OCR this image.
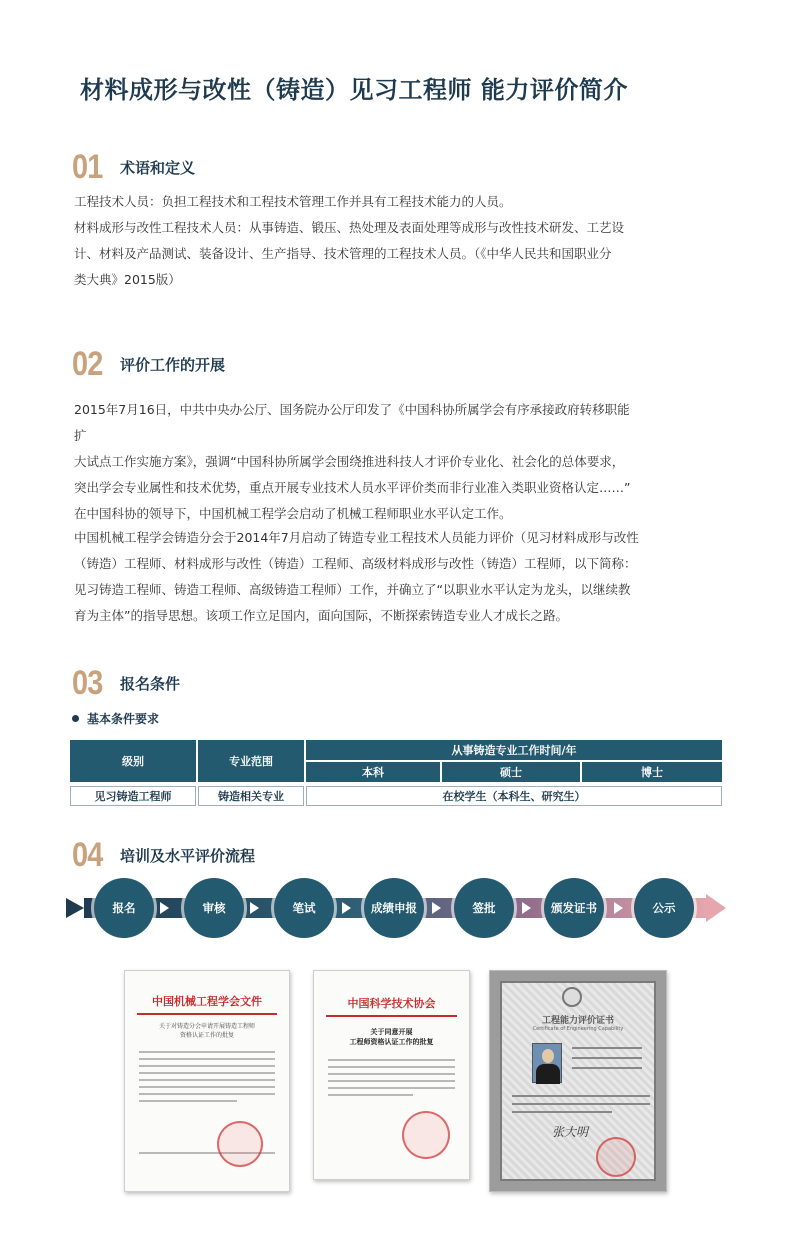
材料成形与改性（铸造）见习工程师 能力评价简介
01 术语和定义

工程技术人员：负担工程技术和工程技术管理工作并具有工程技术能力的人员。

材料成形与改性工程技术人员：从事铸造、锻压、热处理及表面处理等成形与改性技术研发、工艺设

计、材料及产品测试、装备设计、生产指导、技术管理的工程技术人员。（《中华人民共和国职业分

类大典》2015版）

02 评价工作的开展

2015年7月16日，中共中央办公厅、国务院办公厅印发了《中国科协所属学会有序承接政府转移职能扩

大试点工作实施方案》，强调“中国科协所属学会围绕推进科技人才评价专业化、社会化的总体要求，

突出学会专业属性和技术优势，重点开展专业技术人员水平评价类而非行业准入类职业资格认定……”

在中国科协的领导下，中国机械工程学会启动了机械工程师职业水平认定工作。

中国机械工程学会铸造分会于2014年7月启动了铸造专业工程技术人员能力评价（见习材料成形与改性

（铸造）工程师、材料成形与改性（铸造）工程师、高级材料成形与改性（铸造）工程师，以下简称：

见习铸造工程师、铸造工程师、高级铸造工程师）工作，并确立了“以职业水平认定为龙头，以继续教

育为主体”的指导思想。该项工作立足国内，面向国际，不断探索铸造专业人才成长之路。

03 报名条件
基本条件要求
级别	专业范围
从事铸造专业工作时间/年
本科	硕士	博士
见习铸造工程师	铸造相关专业	在校学生（本科生、研究生）
04 培训及水平评价流程
报名	审核	笔试	成绩申报	签批	颁发证书	公示
中国机械工程学会文件
关于对铸造分会申请开展铸造工程师
资格认证工作的批复
中国科学技术协会
关于同意开展
工程师资格认证工作的批复
工程能力评价证书
Certificate of Engineering Capability
张大明
